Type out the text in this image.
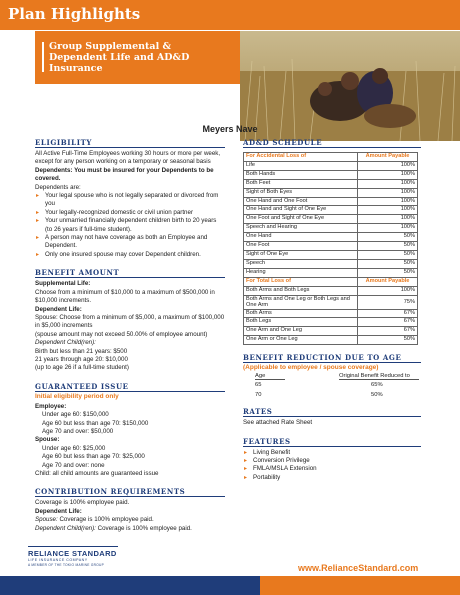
Plan Highlights
Group Supplemental & Dependent Life and AD&D Insurance
Meyers Nave
ELIGIBILITY
All Active Full-Time Employees working 30 hours or more per week, except for any person working on a temporary or seasonal basis
Dependents: You must be insured for your Dependents to be covered.
Dependents are:
▸ Your legal spouse who is not legally separated or divorced from you
▸ Your legally-recognized domestic or civil union partner
▸ Your unmarried financially dependent children birth to 20 years (to 26 years if full-time student).
▸ A person may not have coverage as both an Employee and Dependent.
▸ Only one insured spouse may cover Dependent children.
BENEFIT AMOUNT
Supplemental Life:
Choose from a minimum of $10,000 to a maximum of $500,000 in $10,000 increments.
Dependent Life:
Spouse: Choose from a minimum of $5,000, a maximum of $100,000 in $5,000 increments
(spouse amount may not exceed 50.00% of employee amount)
Dependent Child(ren):
Birth but less than 21 years: $500
21 years through age 20: $10,000
(up to age 26 if a full-time student)
GUARANTEED ISSUE
Initial eligibility period only
Employee:
Under age 60: $150,000
Age 60 but less than age 70: $150,000
Age 70 and over: $50,000
Spouse:
Under age 60: $25,000
Age 60 but less than age 70: $25,000
Age 70 and over: none
Child: all child amounts are guaranteed issue
CONTRIBUTION REQUIREMENTS
Coverage is 100% employee paid.
Dependent Life:
Spouse: Coverage is 100% employee paid.
Dependent Child(ren): Coverage is 100% employee paid.
AD&D SCHEDULE
For Accidental Loss of	Amount Payable
Life	100%
Both Hands	100%
Both Feet	100%
Sight of Both Eyes	100%
One Hand and One Foot	100%
One Hand and Sight of One Eye	100%
One Foot and Sight of One Eye	100%
Speech and Hearing	100%
One Hand	50%
One Foot	50%
Sight of One Eye	50%
Speech	50%
Hearing	50%
For Total Loss of	Amount Payable
Both Arms and Both Legs	100%
Both Arms and One Leg or Both Legs and One Arm	75%
Both Arms	67%
Both Legs	67%
One Arm and One Leg	67%
One Arm or One Leg	50%
BENEFIT REDUCTION DUE TO AGE
(Applicable to employee / spouse coverage)
Age	Original Benefit Reduced to
65	65%
70	50%
RATES
See attached Rate Sheet
FEATURES
▸ Living Benefit
▸ Conversion Privilege
▸ FMLA/MSLA Extension
▸ Portability
RELIANCE STANDARD
LIFE INSURANCE COMPANY
A MEMBER OF THE TOKIO MARINE GROUP	www.RelianceStandard.com
